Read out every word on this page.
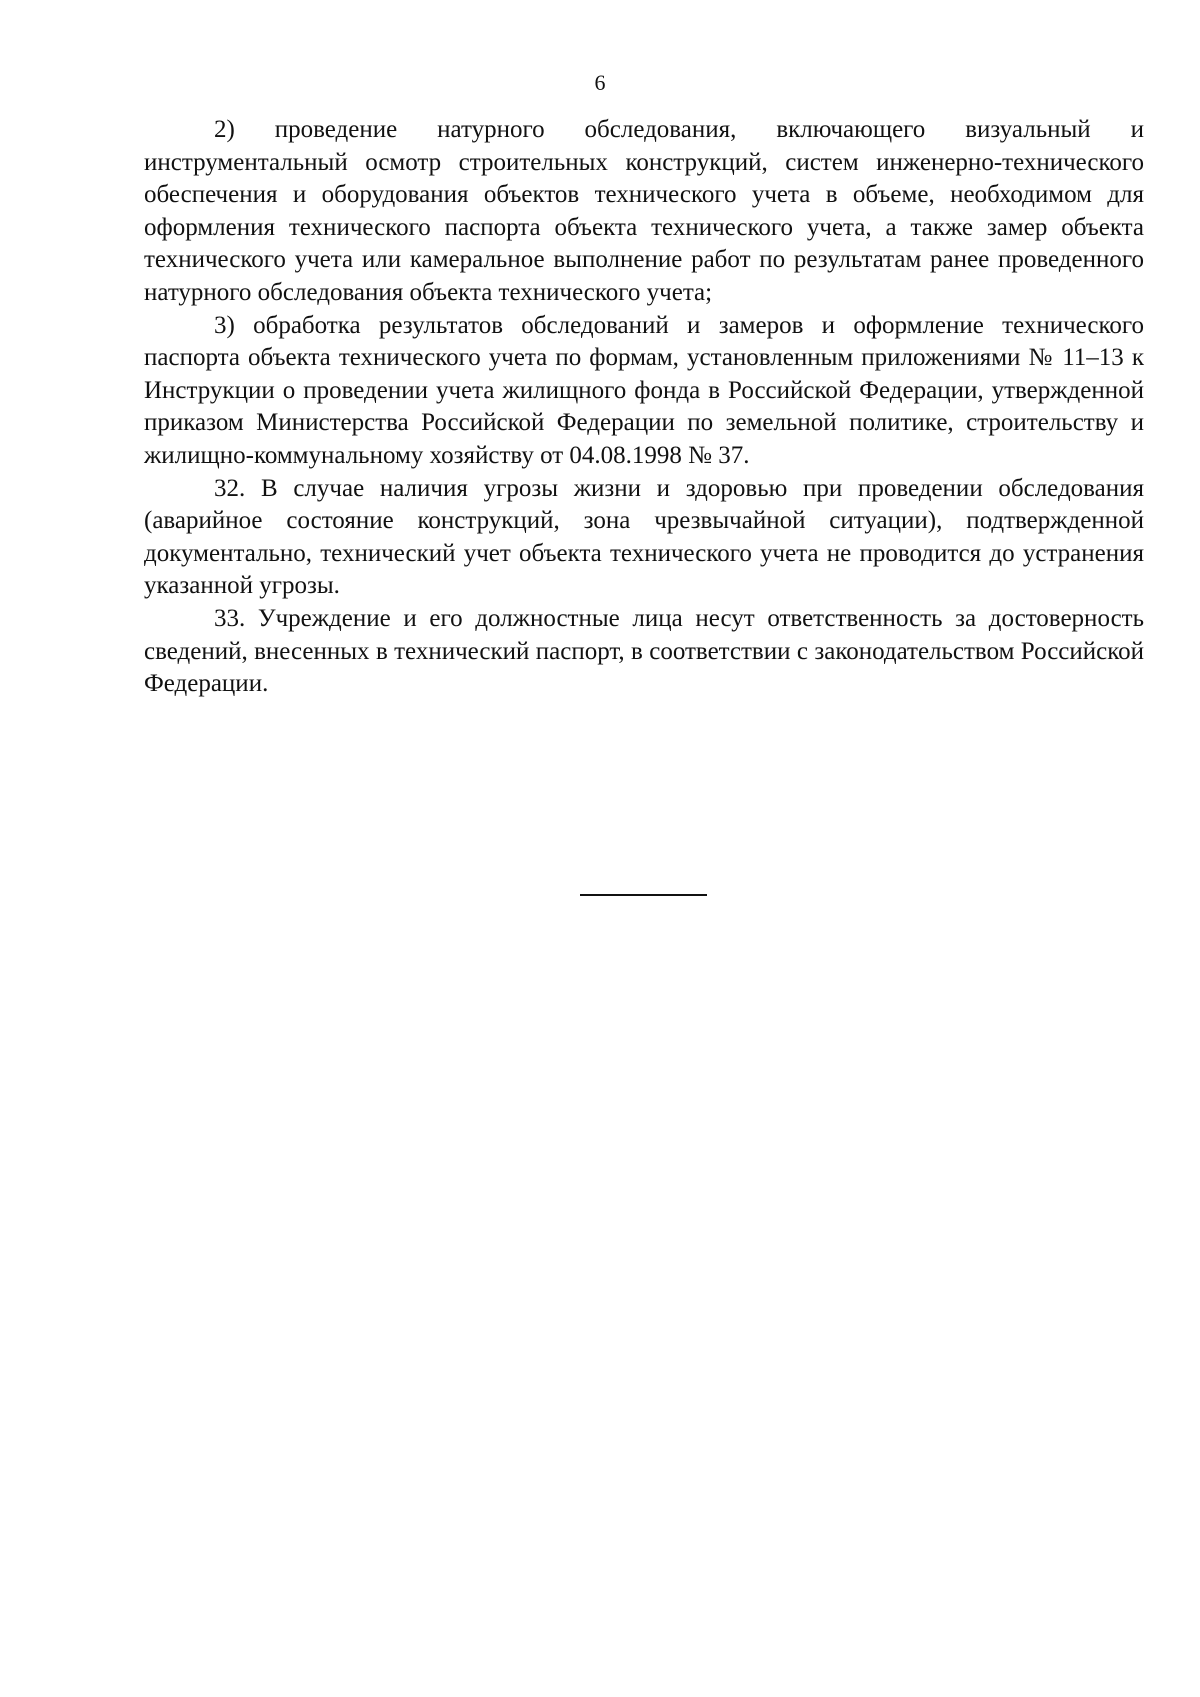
6

2) проведение натурного обследования, включающего визуальный и инструментальный осмотр строительных конструкций, систем инженерно-технического обеспечения и оборудования объектов технического учета в объеме, необходимом для оформления технического паспорта объекта технического учета, а также замер объекта технического учета или камеральное выполнение работ по результатам ранее проведенного натурного обследования объекта технического учета;

3) обработка результатов обследований и замеров и оформление технического паспорта объекта технического учета по формам, установленным приложениями № 11–13 к Инструкции о проведении учета жилищного фонда в Российской Федерации, утвержденной приказом Министерства Российской Федерации по земельной политике, строительству и жилищно-коммунальному хозяйству от 04.08.1998 № 37.

32. В случае наличия угрозы жизни и здоровью при проведении обследования (аварийное состояние конструкций, зона чрезвычайной ситуации), подтвержденной документально, технический учет объекта технического учета не проводится до устранения указанной угрозы.

33. Учреждение и его должностные лица несут ответственность за достоверность сведений, внесенных в технический паспорт, в соответствии с законодательством Российской Федерации.
